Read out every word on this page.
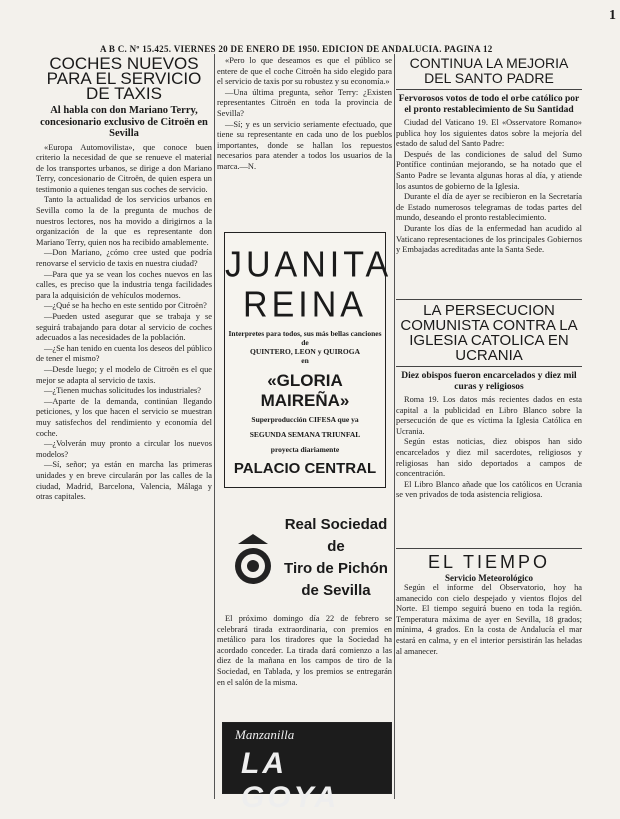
A B C. Nº 15.425. VIERNES 20 DE ENERO DE 1950. EDICION DE ANDALUCIA. PAGINA 12
1
COCHES NUEVOS PARA EL SERVICIO DE TAXIS
Al habla con don Mariano Terry, concesionario exclusivo de Citroën en Sevilla

«Europa Automovilista», que conoce buen criterio la necesidad de que se renueve el material de los transportes urbanos, se dirige a don Mariano Terry, concesionario de Citroën, de quien espera un testimonio a quienes tengan sus coches de servicio.

Tanto la actualidad de los servicios urbanos en Sevilla como la de la pregunta de muchos de nuestros lectores, nos ha movido a dirigirnos a la organización de la que es representante don Mariano Terry, quien nos ha recibido amablemente.

—Don Mariano, ¿cómo cree usted que podría renovarse el servicio de taxis en nuestra ciudad?

—Para que ya se vean los coches nuevos en las calles, es preciso que la industria tenga facilidades para la adquisición de vehículos modernos.

—¿Qué se ha hecho en este sentido por Citroën?

—Pueden usted asegurar que se trabaja y se seguirá trabajando para dotar al servicio de coches adecuados a las necesidades de la población.

—¿Se han tenido en cuenta los deseos del público de tener el mismo?

—Desde luego; y el modelo de Citroën es el que mejor se adapta al servicio de taxis.

—¿Tienen muchas solicitudes los industriales?

—Aparte de la demanda, continúan llegando peticiones, y los que hacen el servicio se muestran muy satisfechos del rendimiento y economía del coche.

—¿Volverán muy pronto a circular los nuevos modelos?

—Sí, señor; ya están en marcha las primeras unidades y en breve circularán por las calles de la ciudad, Madrid, Barcelona, Valencia, Málaga y otras capitales.

«Pero lo que deseamos es que el público se entere de que el coche Citroën ha sido elegido para el servicio de taxis por su robustez y su economía.»

—Una última pregunta, señor Terry: ¿Existen representantes Citroën en toda la provincia de Sevilla?

—Sí; y es un servicio seriamente efectuado, que tiene su representante en cada uno de los pueblos importantes, donde se hallan los repuestos necesarios para atender a todos los usuarios de la marca.—N.

JUANITA REINA
Interpretes para todos, sus más bellas canciones de
QUINTERO, LEON y QUIROGA
en
«GLORIA MAIREÑA»
Superproducción CIFESA que ya
SEGUNDA SEMANA TRIUNFAL
proyecta diariamente
PALACIO CENTRAL
Real Sociedad de
Tiro de Pichón
de Sevilla

El próximo domingo día 22 de febrero se celebrará tirada extraordinaria, con premios en metálico para los tiradores que la Sociedad ha acordado conceder. La tirada dará comienzo a las diez de la mañana en los campos de tiro de la Sociedad, en Tablada, y los premios se entregarán en el salón de la misma.

Manzanilla
LA GOYA
CONTINUA LA MEJORIA DEL SANTO PADRE
Fervorosos votos de todo el orbe católico por el pronto restablecimiento de Su Santidad

Ciudad del Vaticano 19. El «Osservatore Romano» publica hoy los siguientes datos sobre la mejoría del estado de salud del Santo Padre:

Después de las condiciones de salud del Sumo Pontífice continúan mejorando, se ha notado que el Santo Padre se levanta algunas horas al día, y atiende los asuntos de gobierno de la Iglesia.

Durante el día de ayer se recibieron en la Secretaría de Estado numerosos telegramas de todas partes del mundo, deseando el pronto restablecimiento.

Durante los días de la enfermedad han acudido al Vaticano representaciones de los principales Gobiernos y Embajadas acreditadas ante la Santa Sede.

LA PERSECUCION COMUNISTA CONTRA LA IGLESIA CATOLICA EN UCRANIA
Diez obispos fueron encarcelados y diez mil curas y religiosos

Roma 19. Los datos más recientes dados en esta capital a la publicidad en Libro Blanco sobre la persecución de que es víctima la Iglesia Católica en Ucrania.

Según estas noticias, diez obispos han sido encarcelados y diez mil sacerdotes, religiosos y religiosas han sido deportados a campos de concentración.

El Libro Blanco añade que los católicos en Ucrania se ven privados de toda asistencia religiosa.

EL TIEMPO
Servicio Meteorológico

Según el informe del Observatorio, hoy ha amanecido con cielo despejado y vientos flojos del Norte. El tiempo seguirá bueno en toda la región. Temperatura máxima de ayer en Sevilla, 18 grados; mínima, 4 grados. En la costa de Andalucía el mar estará en calma, y en el interior persistirán las heladas al amanecer.
